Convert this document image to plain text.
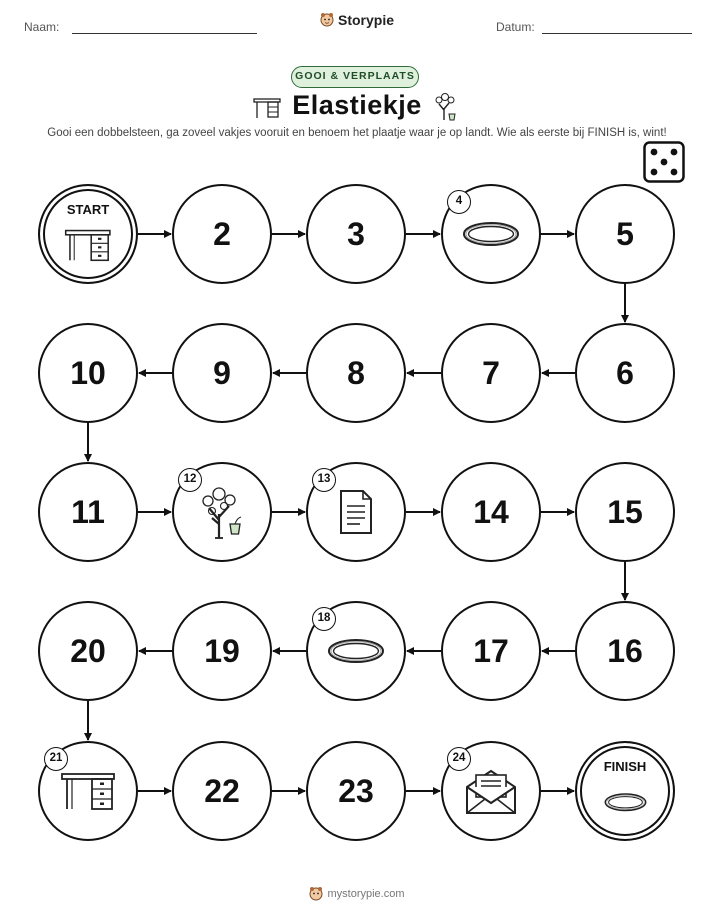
Naam:	Storypie	Datum:
GOOI & VERPLAATS
Elastiekje
Gooi een dobbelsteen, ga zoveel vakjes vooruit en benoem het plaatje waar je op landt. Wie als eerste bij FINISH is, wint!
START
2	3
4
5
6
7
8
9
10
11
12	13
14	15
16
17
18
19
20
21
22	23
24
FINISH
mystorypie.com
